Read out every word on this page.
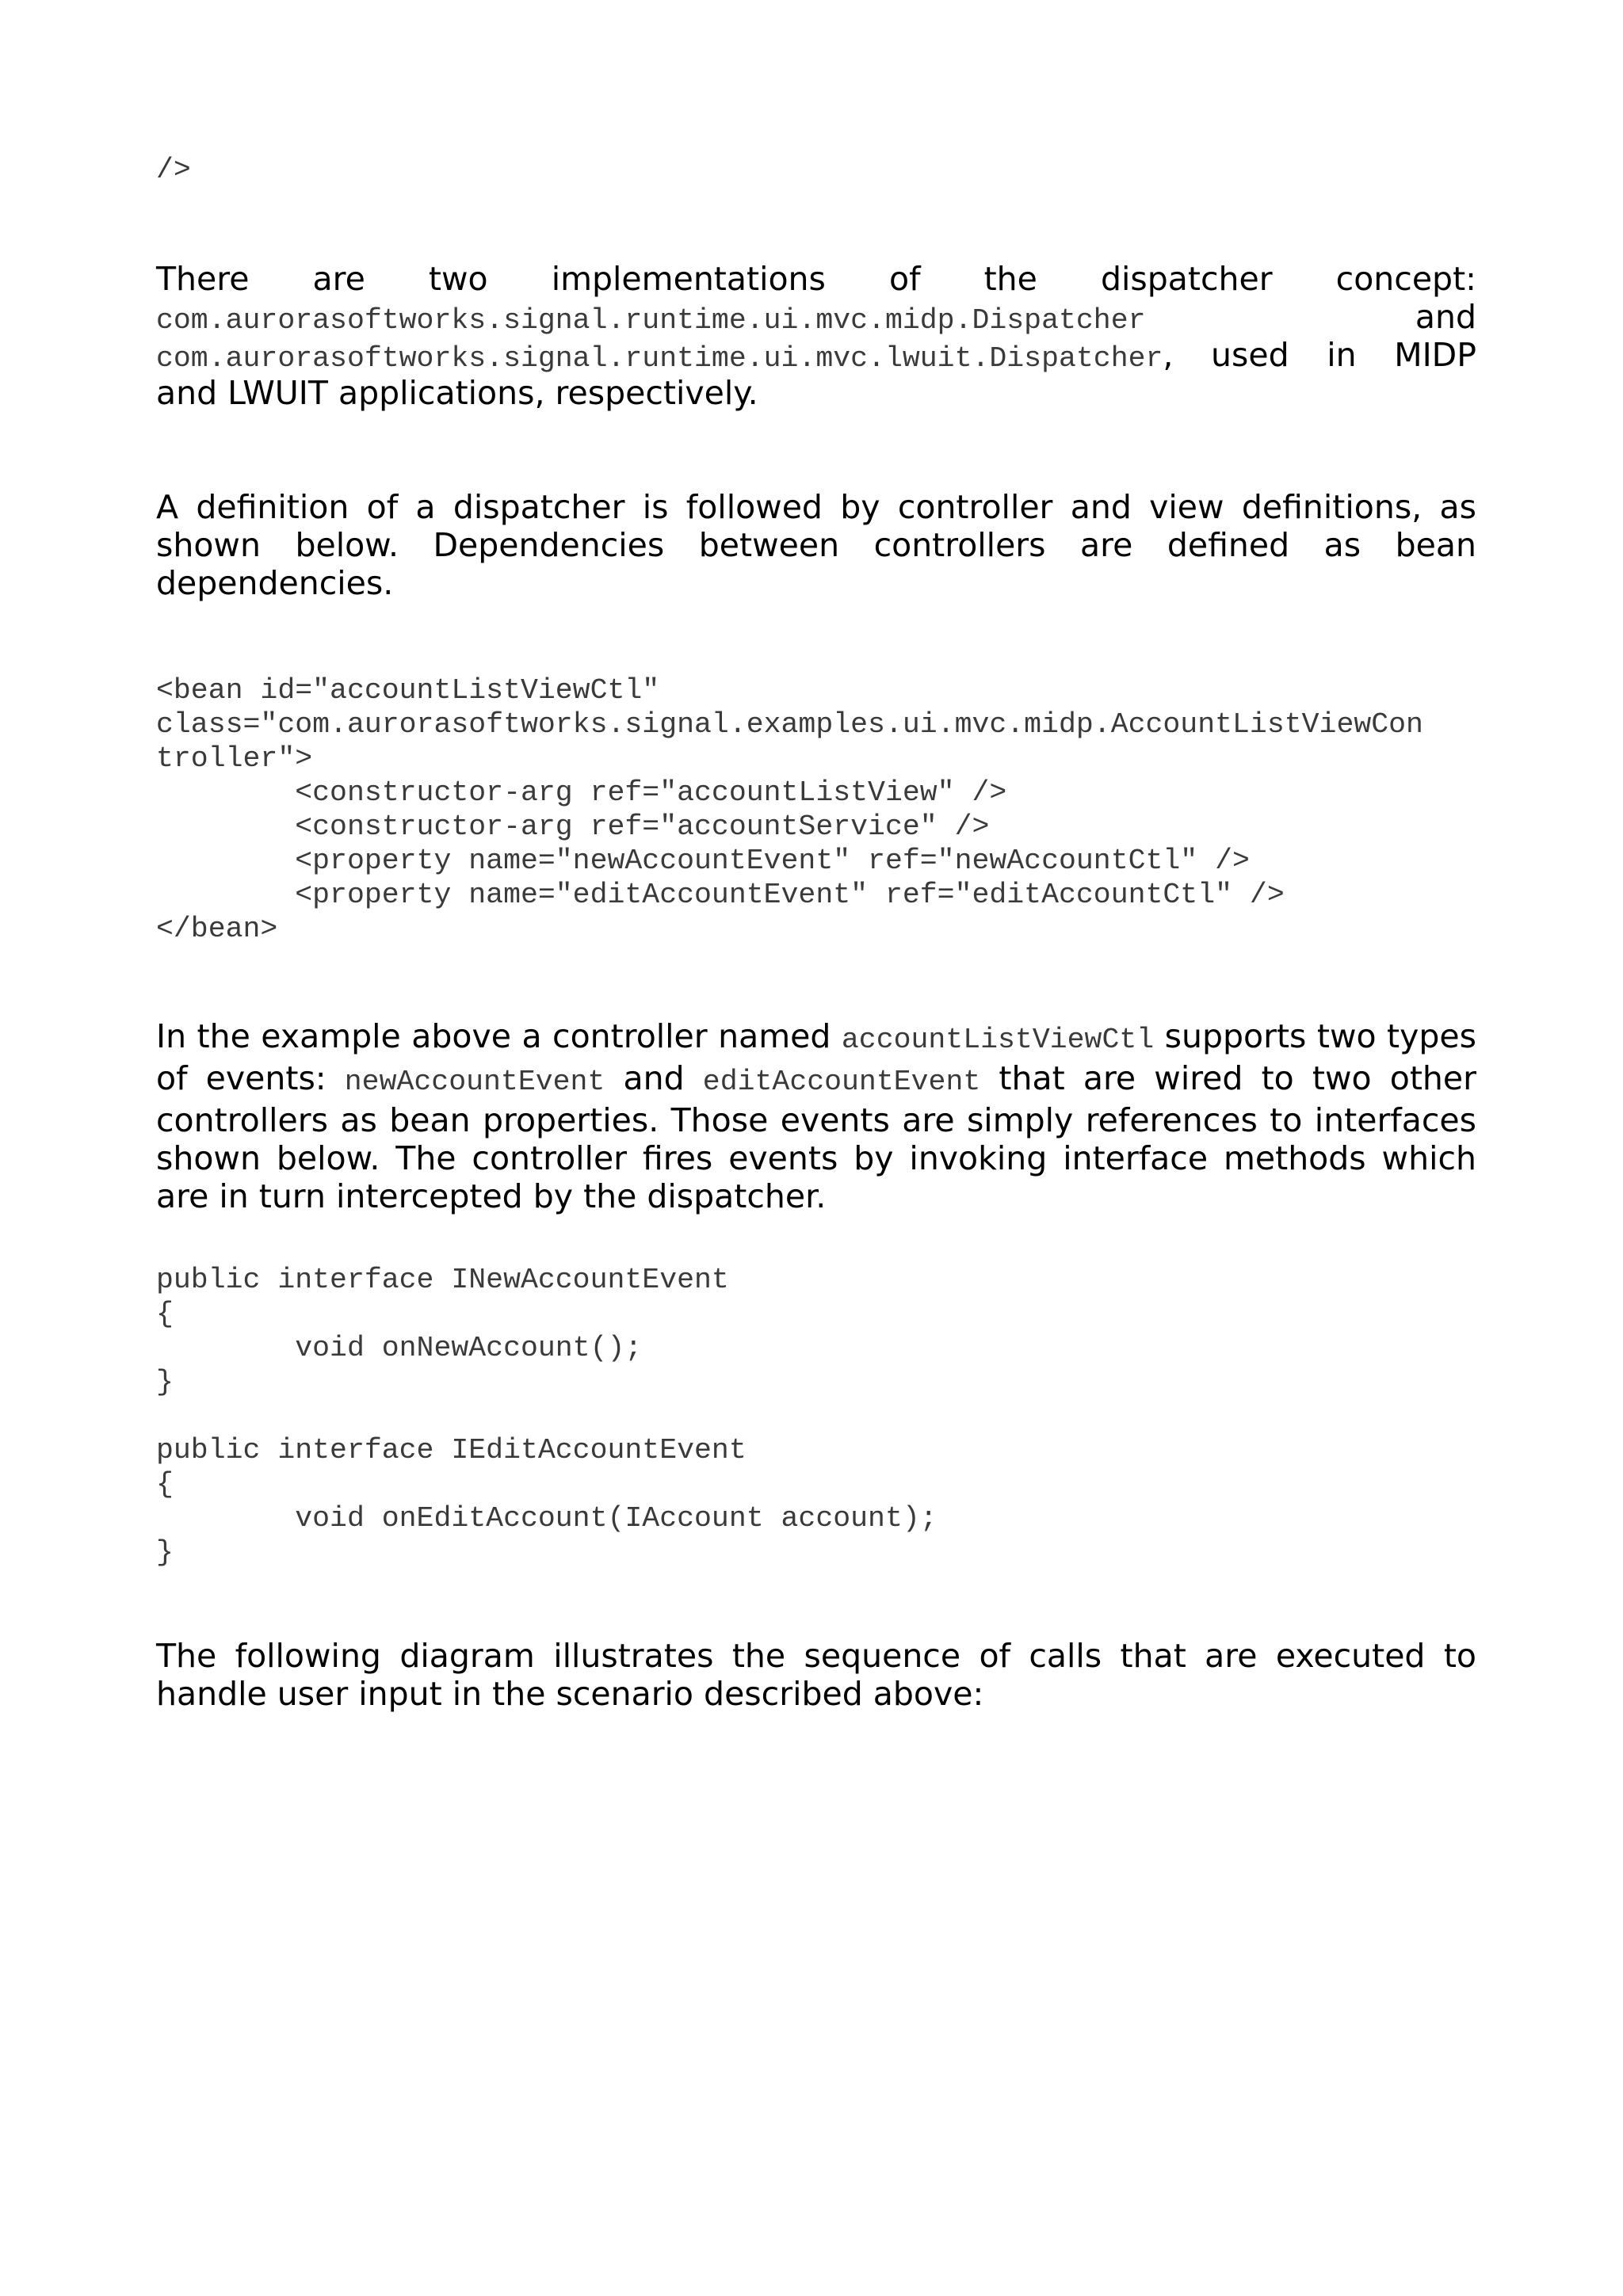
/>
There are two implementations of the dispatcher concept:
com.aurorasoftworks.signal.runtime.ui.mvc.midp.Dispatcher	and
com.aurorasoftworks.signal.runtime.ui.mvc.lwuit.Dispatcher, used in MIDP
and LWUIT applications, respectively.

A definition of a dispatcher is followed by controller and view definitions, as shown below. Dependencies between controllers are defined as bean dependencies.

<bean id="accountListViewCtl"
class="com.aurorasoftworks.signal.examples.ui.mvc.midp.AccountListViewCon
troller">
<constructor-arg ref="accountListView" />
<constructor-arg ref="accountService" />
<property name="newAccountEvent" ref="newAccountCtl" />
<property name="editAccountEvent" ref="editAccountCtl" />
</bean>

In the example above a controller named accountListViewCtl supports two types of events: newAccountEvent and editAccountEvent that are wired to two other controllers as bean properties. Those events are simply references to interfaces shown below. The controller fires events by invoking interface methods which are in turn intercepted by the dispatcher.

public interface INewAccountEvent
{
void onNewAccount();
}

public interface IEditAccountEvent
{
void onEditAccount(IAccount account);
}

The following diagram illustrates the sequence of calls that are executed to handle user input in the scenario described above:
